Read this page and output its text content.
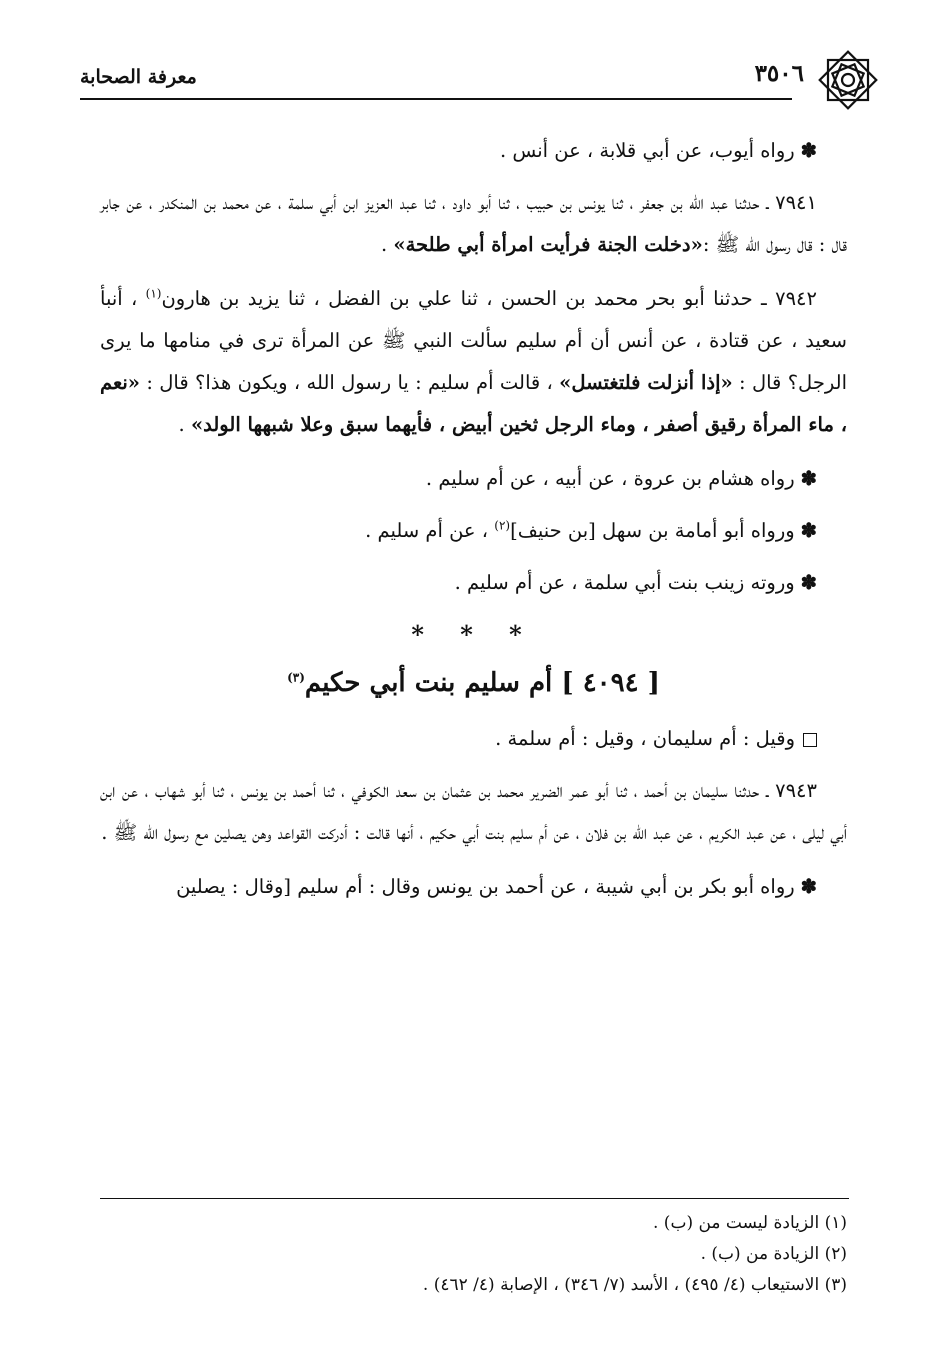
٣٥٠٦
معرفة الصحابة

✽رواه أيوب، عن أبي قلابة ، عن أنس .

٧٩٤١ ـ حدثنا عبد الله بن جعفر ، ثنا يونس بن حبيب ، ثنا أبو داود ، ثنا عبد العزيز ابن أبي سلمة ، عن محمد بن المنكدر ، عن جابر قال : قال رسول الله ﷺ :«دخلت الجنة فرأيت امرأة أبي طلحة» .

٧٩٤٢ ـ حدثنا أبو بحر محمد بن الحسن ، ثنا علي بن الفضل ، ثنا يزيد بن هارون$^{(١)}$ ، أنبأ سعيد ، عن قتادة ، عن أنس أن أم سليم سألت النبي ﷺ عن المرأة ترى في منامها ما يرى الرجل؟ قال : «إذا أنزلت فلتغتسل» ، قالت أم سليم : يا رسول الله ، ويكون هذا؟ قال : «نعم ، ماء المرأة رقيق أصفر ، وماء الرجل ثخين أبيض ، فأيهما سبق وعلا شبهها الولد» .

✽رواه هشام بن عروة ، عن أبيه ، عن أم سليم .

✽ورواه أبو أمامة بن سهل [بن حنيف]$^{(٢)}$ ، عن أم سليم .

✽وروته زينب بنت أبي سلمة ، عن أم سليم .

* * *
[ ٤٠٩٤ ] أم سليم بنت أبي حكيم$^{(٣)}$

وقيل : أم سليمان ، وقيل : أم سلمة .

٧٩٤٣ ـ حدثنا سليمان بن أحمد ، ثنا أبو عمر الضرير محمد بن عثمان بن سعد الكوفي ، ثنا أحمد بن يونس ، ثنا أبو شهاب ، عن ابن أبي ليلى ، عن عبد الكريم ، عن عبد الله بن فلان ، عن أم سليم بنت أبي حكيم ، أنها قالت : أدركت القواعد وهن يصلين مع رسول الله ﷺ .

✽رواه أبو بكر بن أبي شيبة ، عن أحمد بن يونس وقال : أم سليم [وقال : يصلين

(١) الزيادة ليست من (ب) .

(٢) الزيادة من (ب) .

(٣) الاستيعاب (٤/ ٤٩٥) ، الأسد (٧/ ٣٤٦) ، الإصابة (٤/ ٤٦٢) .
